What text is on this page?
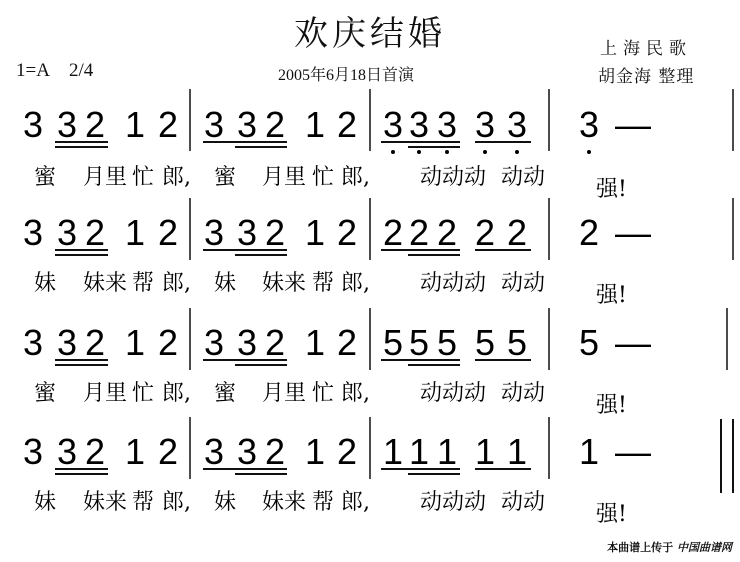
欢庆结婚
1=A 2/4	2005年6月18日首演
上海民歌
胡金海 整理
3 3 2 1 2 3 3 2 1 2 3 3 3 3 3 3 —
蜜 月里 忙 郎, 蜜 月里 忙 郎, 动动动 动动 强!
3 3 2 1 2 3 3 2 1 2 2 2 2 2 2 2 —
妹 妹来 帮 郎, 妹 妹来 帮 郎, 动动动 动动 强!
3 3 2 1 2 3 3 2 1 2 5 5 5 5 5 5 —
蜜 月里 忙 郎, 蜜 月里 忙 郎, 动动动 动动 强!
3 3 2 1 2 3 3 2 1 2 1 1 1 1 1 1 —
妹 妹来 帮 郎, 妹 妹来 帮 郎, 动动动 动动 强!
本曲谱上传于 中国曲谱网
